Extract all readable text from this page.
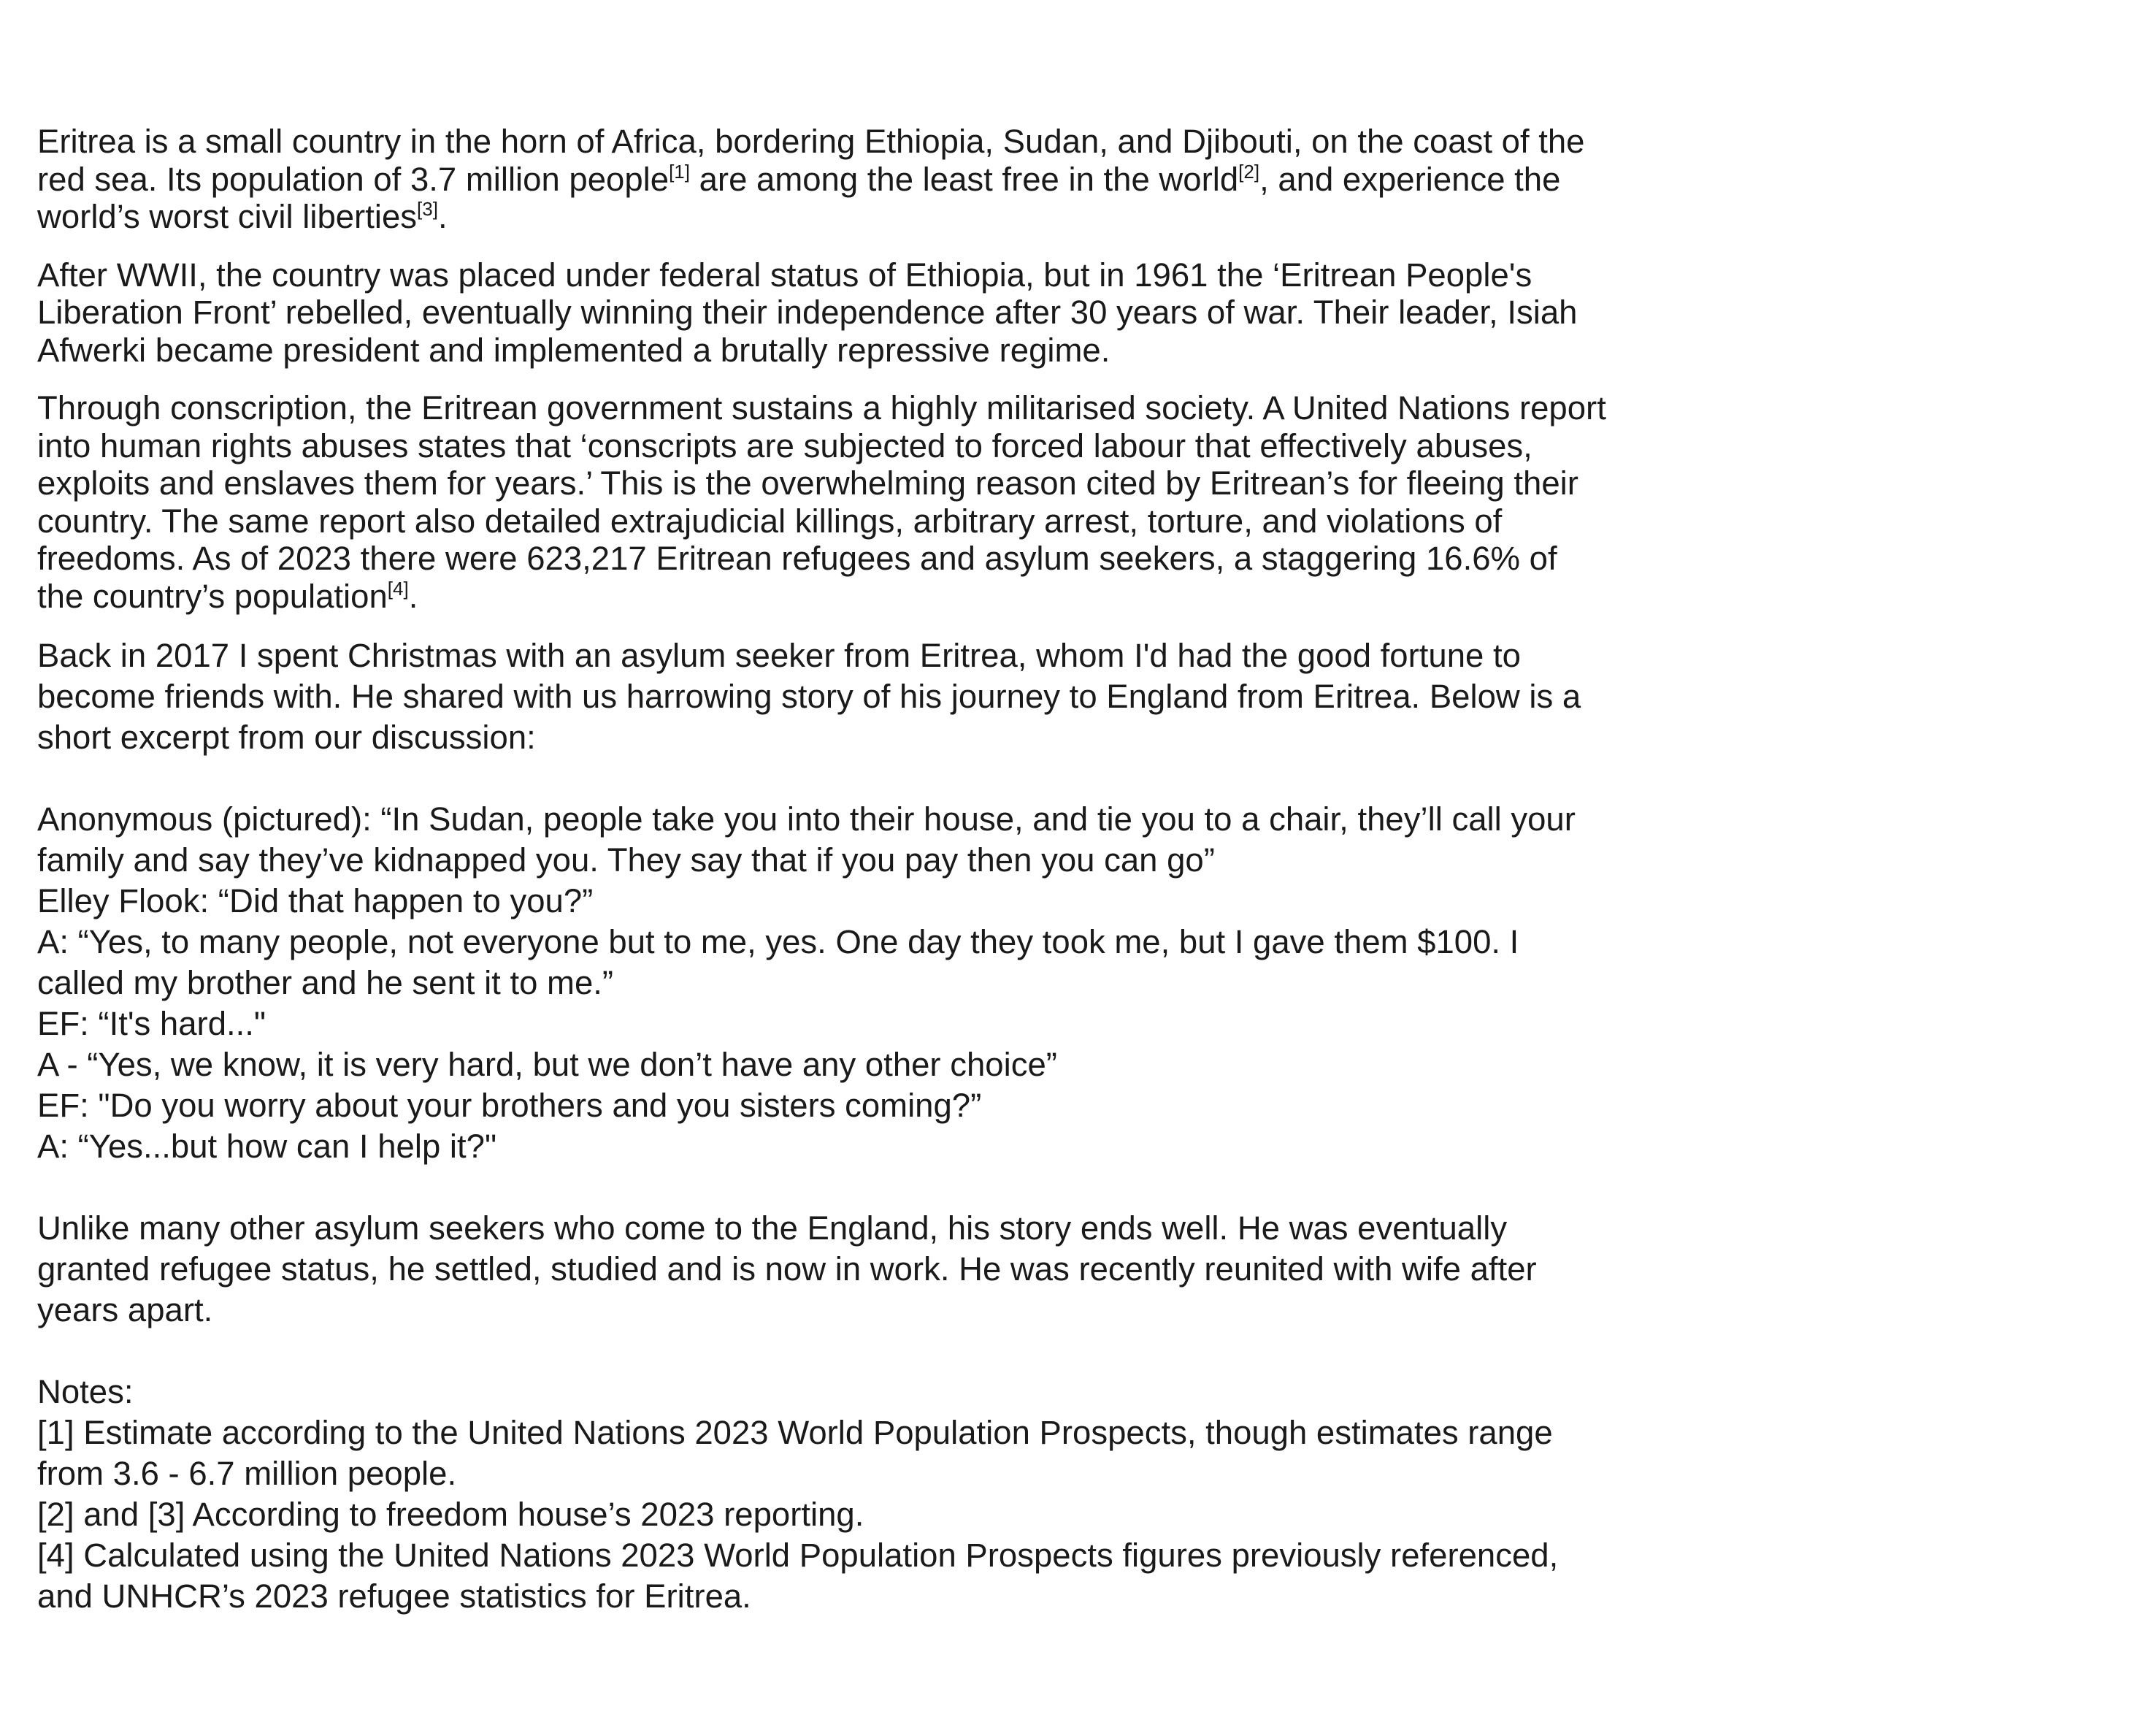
Eritrea is a small country in the horn of Africa, bordering Ethiopia, Sudan, and Djibouti, on the coast of the
red sea. Its population of 3.7 million people[1] are among the least free in the world[2], and experience the
world’s worst civil liberties[3].

After WWII, the country was placed under federal status of Ethiopia, but in 1961 the ‘Eritrean People's
Liberation Front’ rebelled, eventually winning their independence after 30 years of war. Their leader, Isiah
Afwerki became president and implemented a brutally repressive regime.

Through conscription, the Eritrean government sustains a highly militarised society. A United Nations report
into human rights abuses states that ‘conscripts are subjected to forced labour that effectively abuses,
exploits and enslaves them for years.’ This is the overwhelming reason cited by Eritrean’s for fleeing their
country. The same report also detailed extrajudicial killings, arbitrary arrest, torture, and violations of
freedoms. As of 2023 there were 623,217 Eritrean refugees and asylum seekers, a staggering 16.6% of
the country’s population[4].

Back in 2017 I spent Christmas with an asylum seeker from Eritrea, whom I'd had the good fortune to
become friends with. He shared with us harrowing story of his journey to England from Eritrea. Below is a
short excerpt from our discussion:
Anonymous (pictured): “In Sudan, people take you into their house, and tie you to a chair, they’ll call your
family and say they’ve kidnapped you. They say that if you pay then you can go”
Elley Flook: “Did that happen to you?”
A: “Yes, to many people, not everyone but to me, yes. One day they took me, but I gave them $100. I
called my brother and he sent it to me.”
EF: “It's hard..."
A - “Yes, we know, it is very hard, but we don’t have any other choice”
EF: "Do you worry about your brothers and you sisters coming?”
A: “Yes...but how can I help it?"
Unlike many other asylum seekers who come to the England, his story ends well. He was eventually
granted refugee status, he settled, studied and is now in work. He was recently reunited with wife after
years apart.
Notes:
[1] Estimate according to the United Nations 2023 World Population Prospects, though estimates range
from 3.6 - 6.7 million people.
[2] and [3] According to freedom house’s 2023 reporting.
[4] Calculated using the United Nations 2023 World Population Prospects figures previously referenced,
and UNHCR’s 2023 refugee statistics for Eritrea.
